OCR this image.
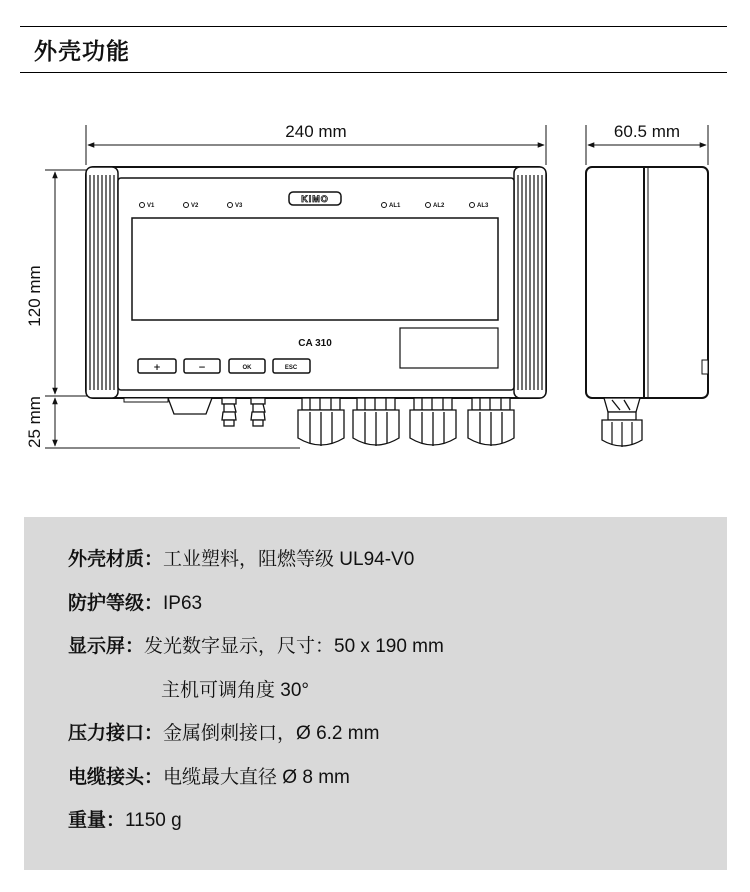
外壳功能
240 mm	60.5 mm
120 mm
25 mm
V1	V2	V3	AL1	AL2	AL3
KIMO
CA 310
+	−	OK	ESC
外壳材质：工业塑料，阻燃等级 UL94-V0
防护等级：IP63
显示屏：发光数字显示，尺寸：50 x 190 mm
主机可调角度 30°
压力接口：金属倒刺接口，Ø 6.2 mm
电缆接头：电缆最大直径 Ø 8 mm
重量：1150 g
